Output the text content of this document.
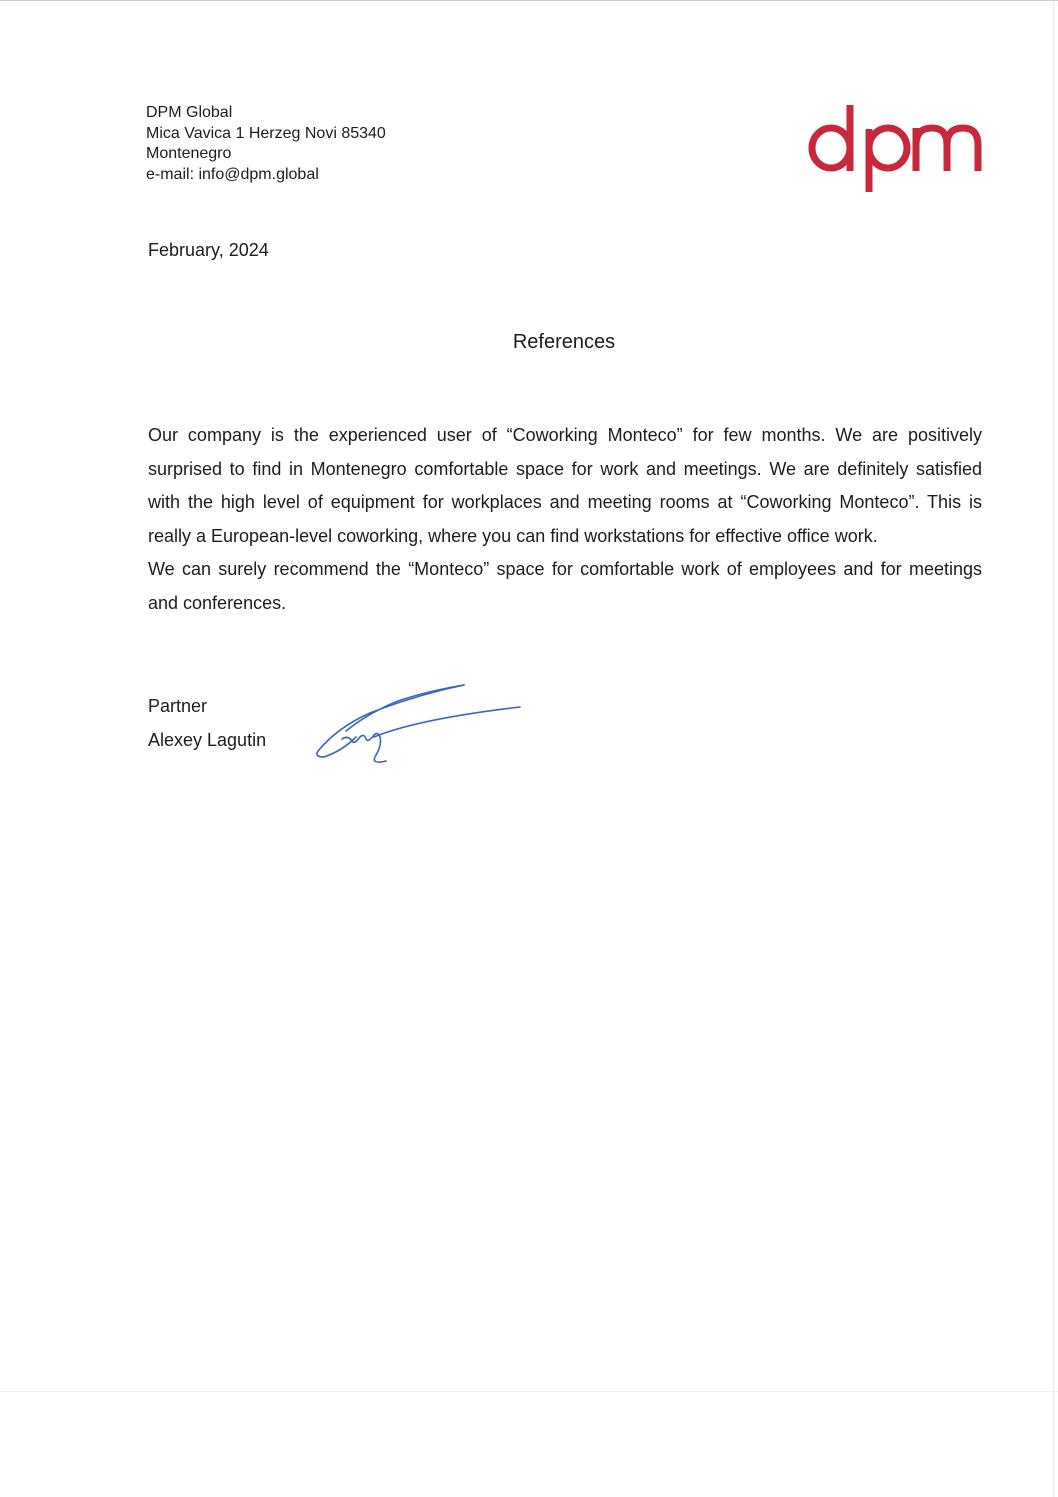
DPM Global
Mica Vavica 1 Herzeg Novi 85340
Montenegro
e-mail: info@dpm.global
February, 2024
References

Our company is the experienced user of “Coworking Monteco” for few months. We are positively surprised to find in Montenegro comfortable space for work and meetings. We are definitely satisfied with the high level of equipment for workplaces and meeting rooms at “Coworking Monteco”. This is really a European-level coworking, where you can find workstations for effective office work.

We can surely recommend the “Monteco” space for comfortable work of employees and for meetings and conferences.

Partner
Alexey Lagutin
